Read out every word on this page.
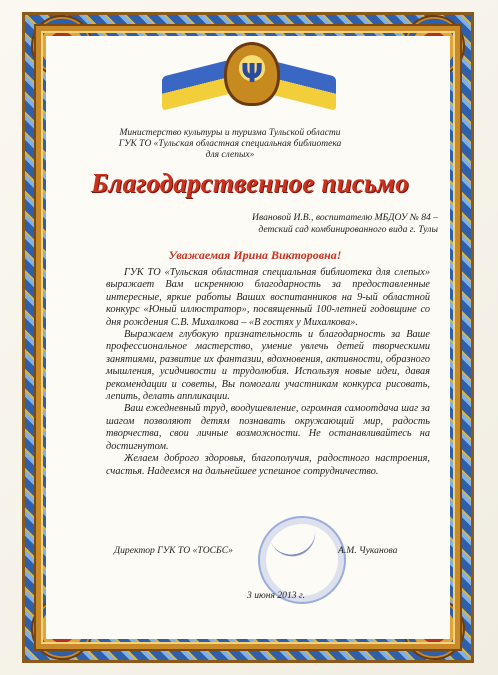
Ψ
Министерство культуры и туризма Тульской области
ГУК ТО «Тульская областная специальная библиотека
для слепых»
Благодарственное письмо
Ивановой И.В., воспитателю МБДОУ № 84 –
детский сад комбинированного вида г. Тулы
Уважаемая Ирина Викторовна!

ГУК ТО «Тульская областная специальная библиотека для слепых» выражает Вам искреннюю благодарность за предоставленные интересные, яркие работы Ваших воспитанников на 9-ый областной конкурс «Юный иллюстратор», посвященный 100-летней годовщине со дня рождения С.В. Михалкова – «В гостях у Михалкова».

Выражаем глубокую признательность и благодарность за Ваше профессиональное мастерство, умение увлечь детей творческими занятиями, развитие их фантазии, вдохновения, активности, образного мышления, усидчивости и трудолюбия. Используя новые идеи, давая рекомендации и советы, Вы помогали участникам конкурса рисовать, лепить, делать аппликации.

Ваш ежедневный труд, воодушевление, огромная самоотдача шаг за шагом позволяют детям познавать окружающий мир, радость творчества, свои личные возможности. Не останавливайтесь на достигнутом.

Желаем доброго здоровья, благополучия, радостного настроения, счастья. Надеемся на дальнейшее успешное сотрудничество.

Директор ГУК ТО «ТОСБС»	А.М. Чуканова
3 июня 2013 г.
